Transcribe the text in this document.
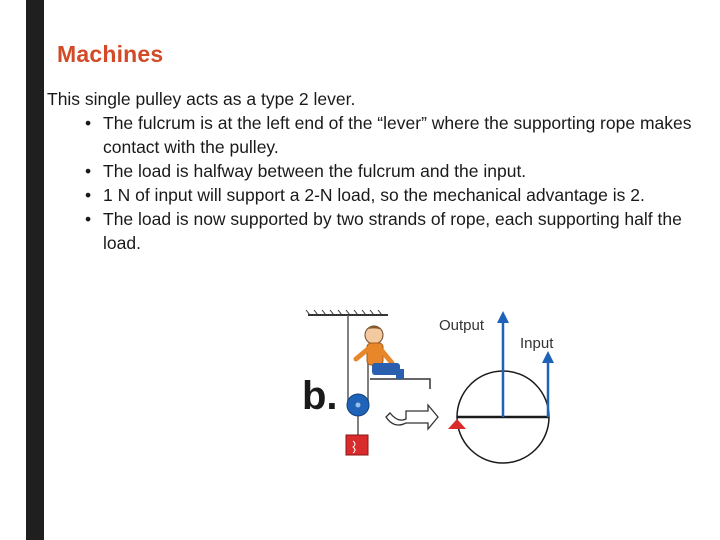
Machines
This single pulley acts as a type 2 lever.
• The fulcrum is at the left end of the “lever” where the supporting rope makes contact with the pulley.
• The load is halfway between the fulcrum and the input.
• 1 N of input will support a 2-N load, so the mechanical advantage is 2.
• The load is now supported by two strands of rope, each supporting half the load.
b.
Output
Input
